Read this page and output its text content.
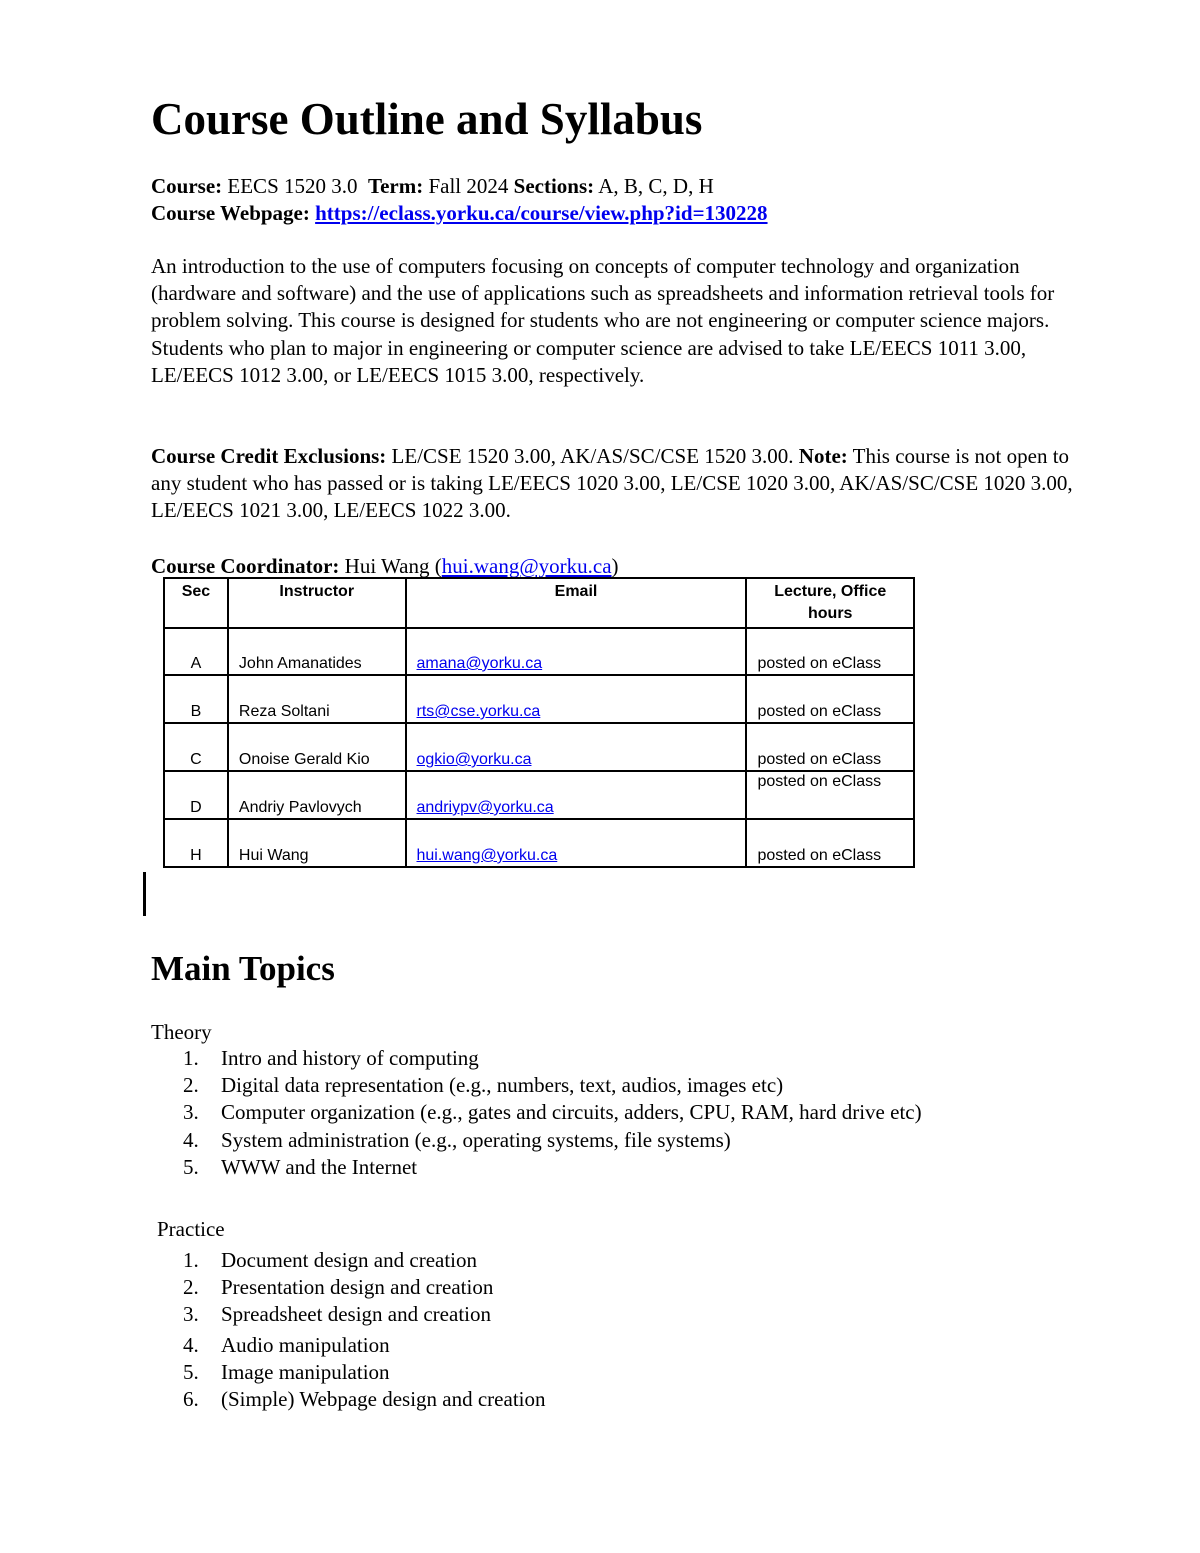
Course Outline and Syllabus
Course: EECS 1520 3.0 Term: Fall 2024 Sections: A, B, C, D, H
Course Webpage: https://eclass.yorku.ca/course/view.php?id=130228

An introduction to the use of computers focusing on concepts of computer technology and organization (hardware and software) and the use of applications such as spreadsheets and information retrieval tools for problem solving. This course is designed for students who are not engineering or computer science majors. Students who plan to major in engineering or computer science are advised to take LE/EECS 1011 3.00, LE/EECS 1012 3.00, or LE/EECS 1015 3.00, respectively.

Course Credit Exclusions: LE/CSE 1520 3.00, AK/AS/SC/CSE 1520 3.00. Note: This course is not open to any student who has passed or is taking LE/EECS 1020 3.00, LE/CSE 1020 3.00, AK/AS/SC/CSE 1020 3.00, LE/EECS 1021 3.00, LE/EECS 1022 3.00.

Course Coordinator: Hui Wang (hui.wang@yorku.ca)
Sec	Instructor	Email	Lecture, Office hours
A	John Amanatides	amana@yorku.ca	posted on eClass
B	Reza Soltani	rts@cse.yorku.ca	posted on eClass
C	Onoise Gerald Kio	ogkio@yorku.ca	posted on eClass
D	Andriy Pavlovych	andriypv@yorku.ca	posted on eClass
H	Hui Wang	hui.wang@yorku.ca	posted on eClass
Main Topics
Theory
1.	Intro and history of computing
2.	Digital data representation (e.g., numbers, text, audios, images etc)
3.	Computer organization (e.g., gates and circuits, adders, CPU, RAM, hard drive etc)
4.	System administration (e.g., operating systems, file systems)
5.	WWW and the Internet
Practice
1.	Document design and creation
2.	Presentation design and creation
3.	Spreadsheet design and creation
4.	Audio manipulation
5.	Image manipulation
6.	(Simple) Webpage design and creation
